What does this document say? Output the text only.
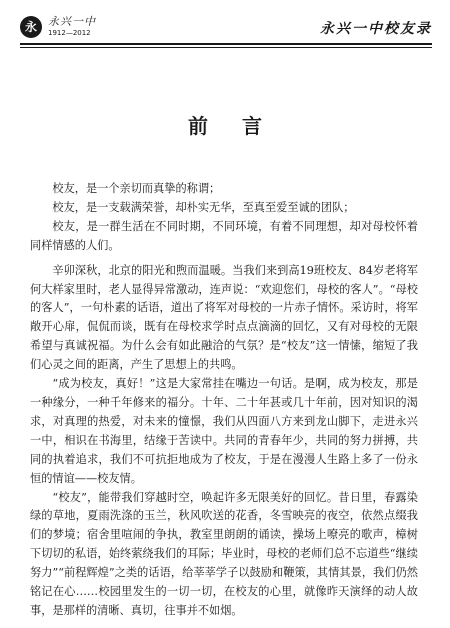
永	永兴一中
1912—2012	永兴一中校友录
前言

校友，是一个亲切而真挚的称谓；

校友，是一支载满荣誉，却朴实无华，至真至爱至诚的团队；

校友，是一群生活在不同时期，不同环境，有着不同理想，却对母校怀着同样情感的人们。

辛卯深秋，北京的阳光和煦而温暖。当我们来到高19班校友、84岁老将军何大样家里时，老人显得异常激动，连声说：“欢迎您们，母校的客人”。“母校的客人”，一句朴素的话语，道出了将军对母校的一片赤子情怀。采访时，将军敞开心扉，侃侃而谈，既有在母校求学时点点滴滴的回忆，又有对母校的无限希望与真诚祝福。为什么会有如此融洽的气氛？是“校友”这一情愫，缩短了我们心灵之间的距离，产生了思想上的共鸣。

“成为校友，真好！”这是大家常挂在嘴边一句话。是啊，成为校友，那是一种缘分，一种千年修来的福分。十年、二十年甚或几十年前，因对知识的渴求，对真理的热爱，对未来的憧憬，我们从四面八方来到龙山脚下，走进永兴一中，相识在书海里，结缘于苦读中。共同的青春年少，共同的努力拼搏，共同的执着追求，我们不可抗拒地成为了校友，于是在漫漫人生路上多了一份永恒的情谊——校友情。

“校友”，能带我们穿越时空，唤起许多无限美好的回忆。昔日里，春露染绿的草地，夏雨洗涤的玉兰，秋风吹送的花香，冬雪映亮的夜空，依然点缀我们的梦境；宿舍里喧闹的争执，教室里朗朗的诵读，操场上嘹亮的歌声，樟树下切切的私语，始终萦绕我们的耳际；毕业时，母校的老师们总不忘道些“继续努力”“前程辉煌”之类的话语，给莘莘学子以鼓励和鞭策，其情其景，我们仍然铭记在心……校园里发生的一切一切，在校友的心里，就像昨天演绎的动人故事，是那样的清晰、真切，往事并不如烟。
